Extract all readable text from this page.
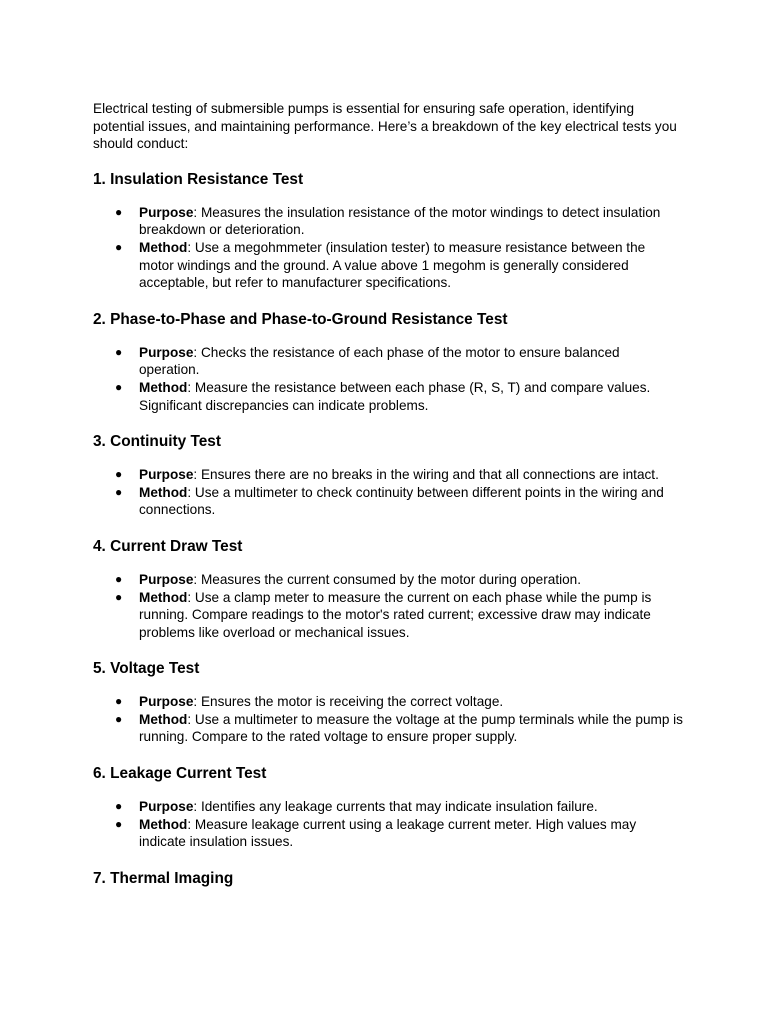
Electrical testing of submersible pumps is essential for ensuring safe operation, identifying potential issues, and maintaining performance. Here’s a breakdown of the key electrical tests you should conduct:

1. Insulation Resistance Test
● Purpose: Measures the insulation resistance of the motor windings to detect insulation breakdown or deterioration.
● Method: Use a megohmmeter (insulation tester) to measure resistance between the motor windings and the ground. A value above 1 megohm is generally considered acceptable, but refer to manufacturer specifications.
2. Phase-to-Phase and Phase-to-Ground Resistance Test
● Purpose: Checks the resistance of each phase of the motor to ensure balanced operation.
● Method: Measure the resistance between each phase (R, S, T) and compare values. Significant discrepancies can indicate problems.
3. Continuity Test
● Purpose: Ensures there are no breaks in the wiring and that all connections are intact.
● Method: Use a multimeter to check continuity between different points in the wiring and connections.
4. Current Draw Test
● Purpose: Measures the current consumed by the motor during operation.
● Method: Use a clamp meter to measure the current on each phase while the pump is running. Compare readings to the motor's rated current; excessive draw may indicate problems like overload or mechanical issues.
5. Voltage Test
● Purpose: Ensures the motor is receiving the correct voltage.
● Method: Use a multimeter to measure the voltage at the pump terminals while the pump is running. Compare to the rated voltage to ensure proper supply.
6. Leakage Current Test
● Purpose: Identifies any leakage currents that may indicate insulation failure.
● Method: Measure leakage current using a leakage current meter. High values may indicate insulation issues.
7. Thermal Imaging
